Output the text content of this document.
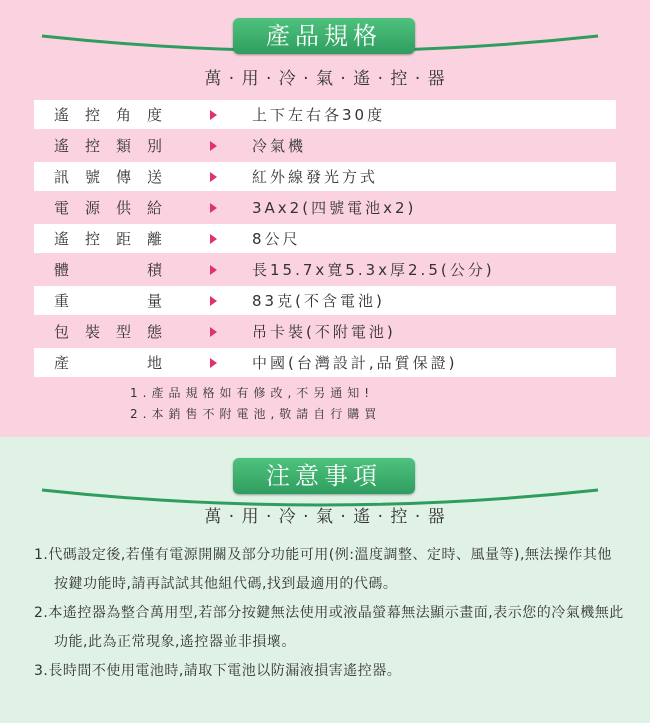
產品規格
萬 · 用 · 冷 · 氣 · 遙 · 控 · 器
遙控角度	上下左右各30度
遙控類別	冷氣機
訊號傳送	紅外線發光方式
電源供給	3Ax2(四號電池x2)
遙控距離	8公尺
體積	長15.7x寬5.3x厚2.5(公分)
重量	83克(不含電池)
包裝型態	吊卡裝(不附電池)
產地	中國(台灣設計,品質保證)
1.產品規格如有修改,不另通知!
2.本銷售不附電池,敬請自行購買
注意事項
萬 · 用 · 冷 · 氣 · 遙 · 控 · 器
1.代碼設定後,若僅有電源開關及部分功能可用(例:溫度調整、定時、風量等),無法操作其他按鍵功能時,請再試試其他組代碼,找到最適用的代碼。
2.本遙控器為整合萬用型,若部分按鍵無法使用或液晶螢幕無法顯示畫面,表示您的冷氣機無此功能,此為正常現象,遙控器並非損壞。
3.長時間不使用電池時,請取下電池以防漏液損害遙控器。
